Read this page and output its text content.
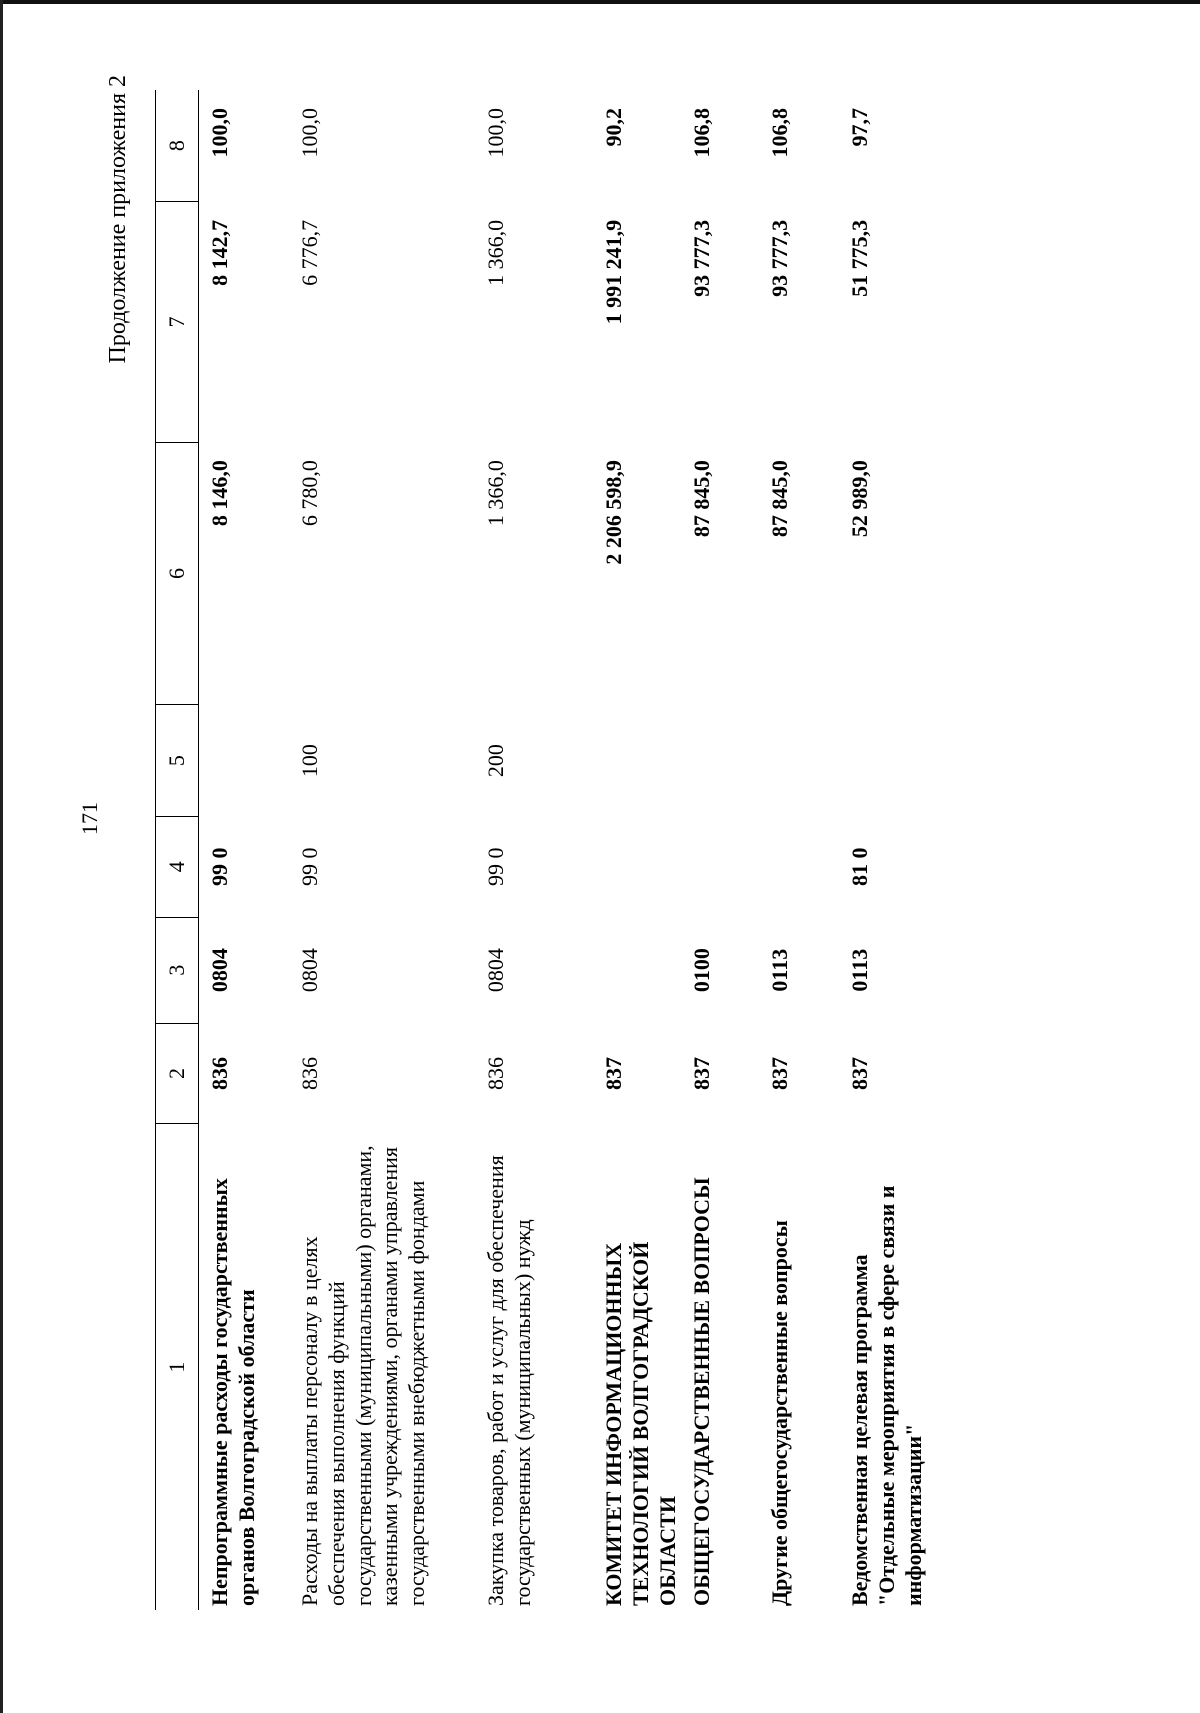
171
Продолжение приложения 2
1	2	3	4	5	6	7	8
Непрограммные расходы государственных органов Волгоградской области	836	0804	99 0		8 146,0	8 142,7	100,0
Расходы на выплаты персоналу в целях обеспечения выполнения функций государственными (муниципальными) органами, казенными учреждениями, органами управления государственными внебюджетными фондами	836	0804	99 0	100	6 780,0	6 776,7	100,0
Закупка товаров, работ и услуг для обеспечения государственных (муниципальных) нужд	836	0804	99 0	200	1 366,0	1 366,0	100,0
КОМИТЕТ ИНФОРМАЦИОННЫХ ТЕХНОЛОГИЙ ВОЛГОГРАДСКОЙ ОБЛАСТИ	837				2 206 598,9	1 991 241,9	90,2
ОБЩЕГОСУДАРСТВЕННЫЕ ВОПРОСЫ	837	0100			87 845,0	93 777,3	106,8
Другие общегосударственные вопросы	837	0113			87 845,0	93 777,3	106,8
Ведомственная целевая программа "Отдельные мероприятия в сфере связи и информатизации"	837	0113	81 0		52 989,0	51 775,3	97,7
